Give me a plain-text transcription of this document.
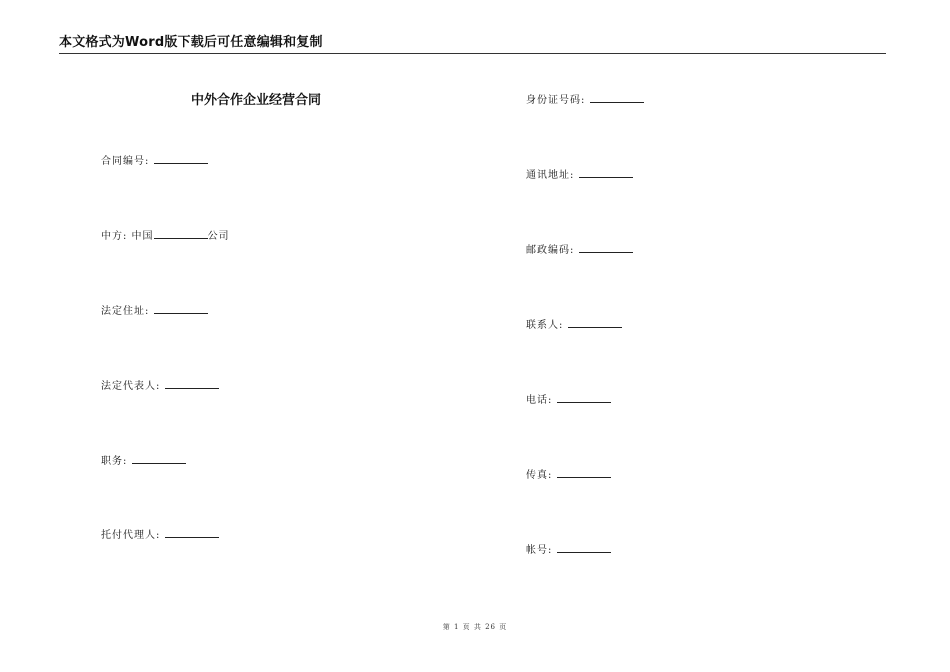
本文格式为Word版下载后可任意编辑和复制
中外合作企业经营合同
合同编号:
中方: 中国	公司
法定住址:
法定代表人:
职务:
托付代理人:
身份证号码:
通讯地址:
邮政编码:
联系人:
电话:
传真:
帐号:
第 1 页 共 26 页
